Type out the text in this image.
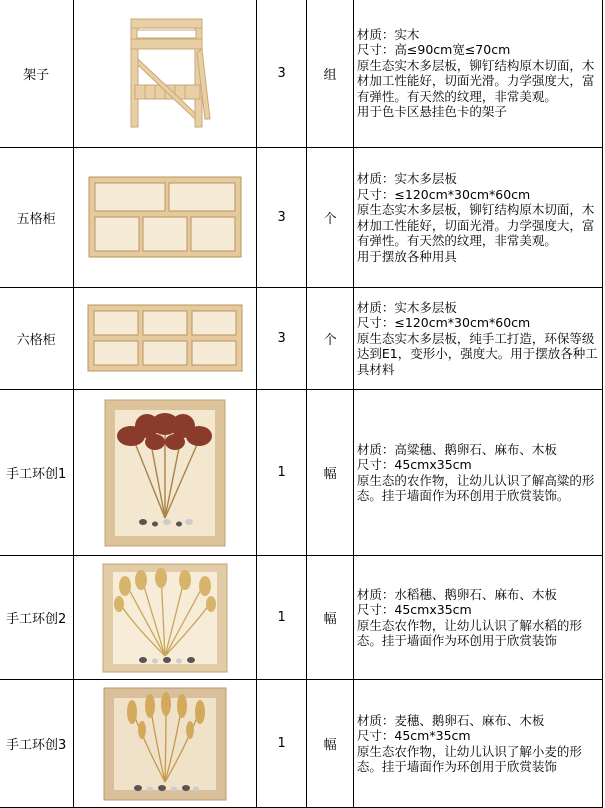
架子		3	组	材质：实木
尺寸：高≤90cm宽≤70cm
原生态实木多层板，铆钉结构原木切面，木材加工性能好，切面光滑。力学强度大，富有弹性。有天然的纹理，非常美观。
用于色卡区悬挂色卡的架子

五格柜		3	个	材质：实木多层板
尺寸：≤120cm*30cm*60cm
原生态实木多层板，铆钉结构原木切面，木材加工性能好，切面光滑。力学强度大，富有弹性。有天然的纹理，非常美观。
用于摆放各种用具

六格柜		3	个	材质：实木多层板
尺寸：≤120cm*30cm*60cm
原生态实木多层板，纯手工打造，环保等级达到E1，变形小，强度大。用于摆放各种工具材料

手工环创1		1	幅	材质：高粱穗、鹅卵石、麻布、木板
尺寸：45cmx35cm
原生态的农作物，让幼儿认识了解高粱的形态。挂于墙面作为环创用于欣赏装饰。

手工环创2		1	幅	材质：水稻穗、鹅卵石、麻布、木板
尺寸：45cmx35cm
原生态农作物，让幼儿认识了解水稻的形态。挂于墙面作为环创用于欣赏装饰

手工环创3		1	幅	材质：麦穗、鹅卵石、麻布、木板
尺寸：45cm*35cm
原生态农作物，让幼儿认识了解小麦的形态。挂于墙面作为环创用于欣赏装饰
